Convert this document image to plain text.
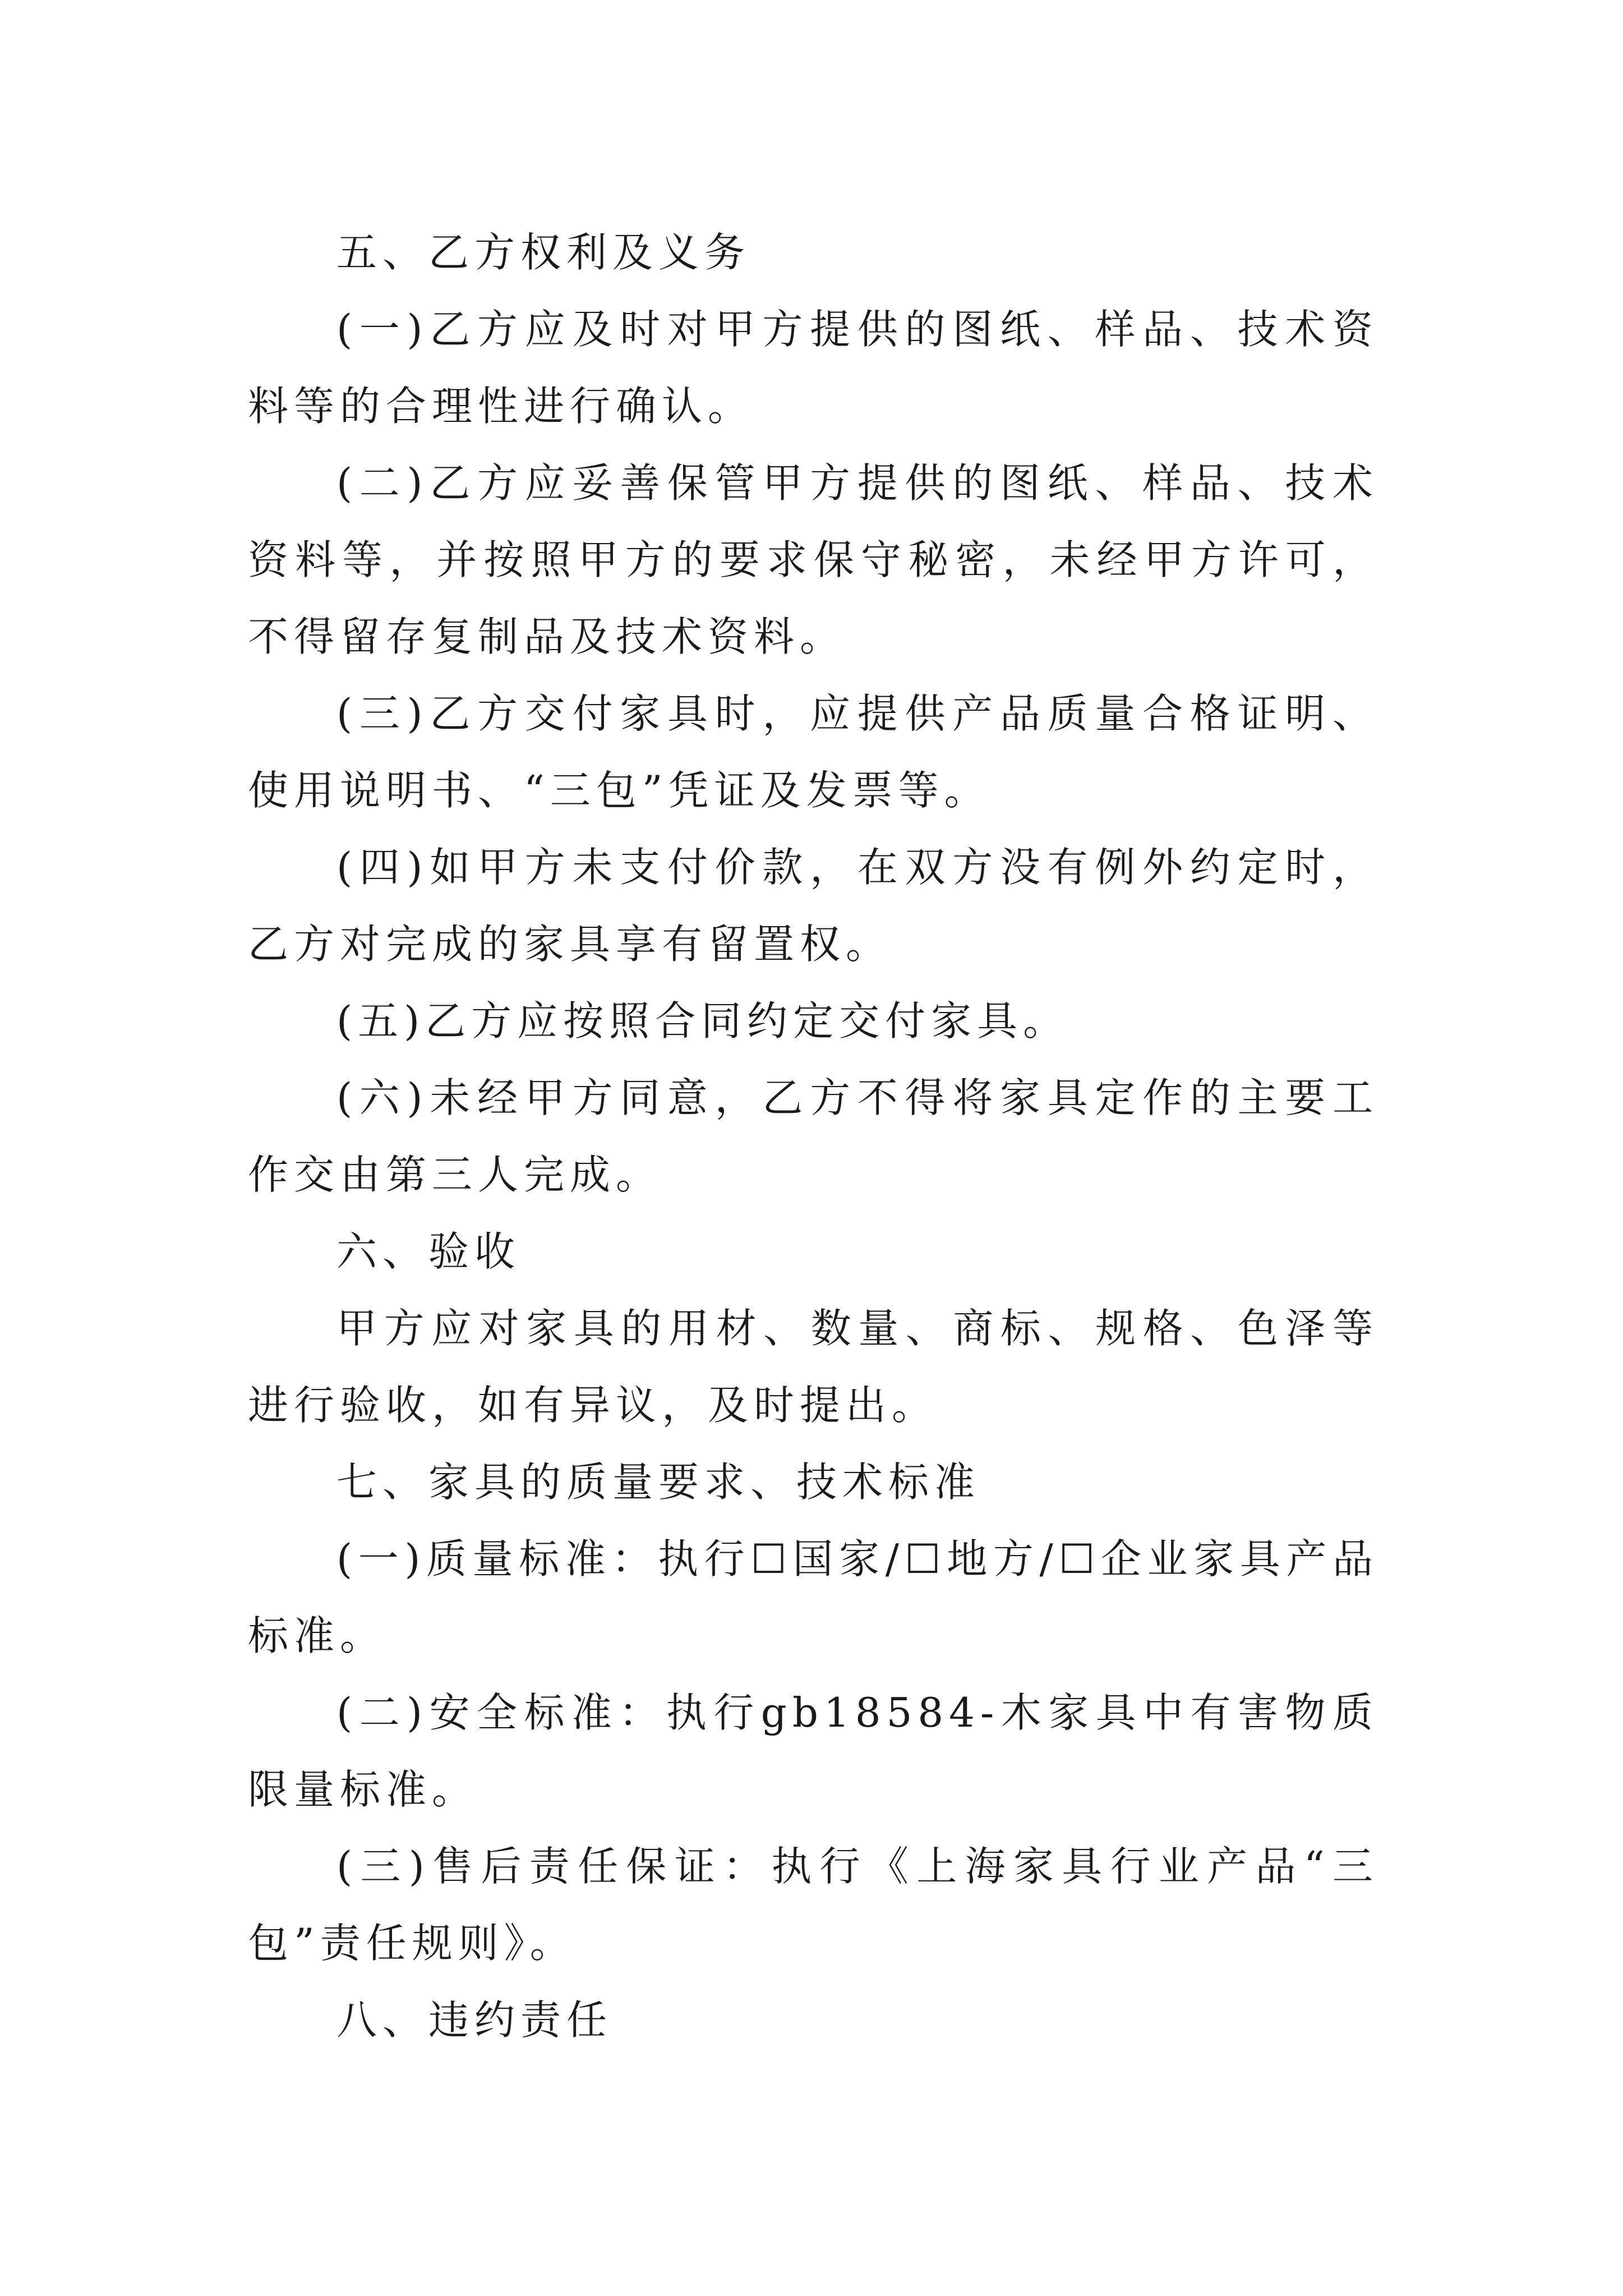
五、乙方权利及义务

(一)乙方应及时对甲方提供的图纸、样品、技术资料等的合理性进行确认。

(二)乙方应妥善保管甲方提供的图纸、样品、技术资料等，并按照甲方的要求保守秘密，未经甲方许可，不得留存复制品及技术资料。

(三)乙方交付家具时，应提供产品质量合格证明、使用说明书、“三包”凭证及发票等。

(四)如甲方未支付价款，在双方没有例外约定时，乙方对完成的家具享有留置权。

(五)乙方应按照合同约定交付家具。

(六)未经甲方同意，乙方不得将家具定作的主要工作交由第三人完成。

六、验收

甲方应对家具的用材、数量、商标、规格、色泽等进行验收，如有异议，及时提出。

七、家具的质量要求、技术标准

(一)质量标准：执行☐国家/☐地方/☐企业家具产品标准。

(二)安全标准：执行gb18584-木家具中有害物质限量标准。

(三)售后责任保证：执行《上海家具行业产品“三包”责任规则》。

八、违约责任
